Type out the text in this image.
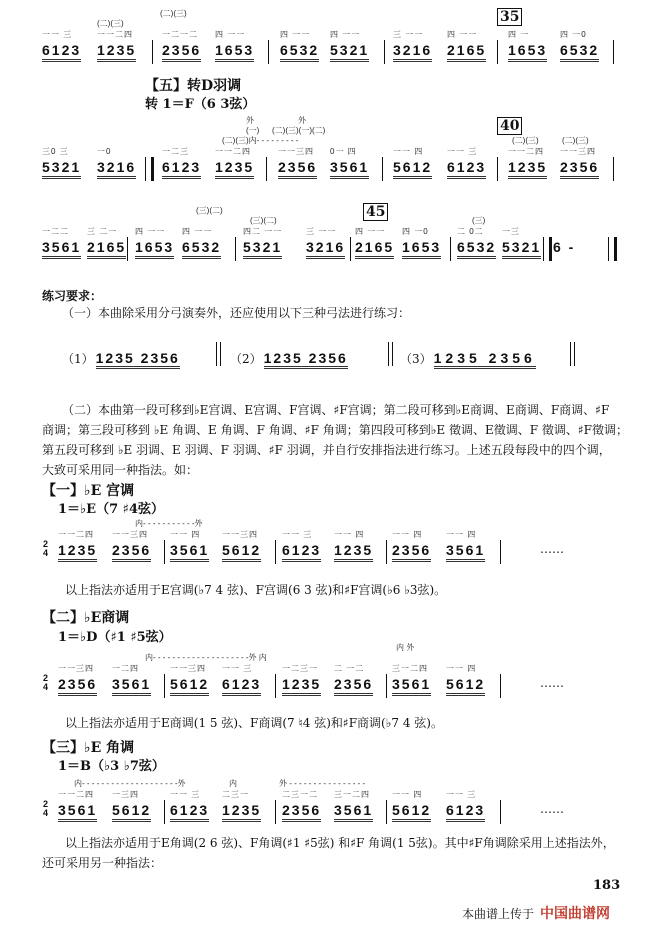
一一 三
6123
一一二四
1235
一二一二
2356
四 一一
1653
四 一一
6532
四 一一
5321
三 一一
3216
四 一一
2165
四 一
1653
四 一0
6532
35
(二)(三)
(二)(三)
三0 三
5321
一0
3216
一二三
6123
一一二四
1235
一一三四
2356
0一 四
3561
一一 四
5612
一一 三
6123
一一二四
1235
一一三四
2356
40
外
(一)
外
(二)(三)(一)(二)
(二)(三)内- - - - - - - - -	(二)(三)	(二)(三)
一二二
3561
三 二一
2165
四 一一
1653
四 一一
6532
四二 一一
5321
三 一一
3216
四 一一
2165
四 一0
1653
二 0二
6532
一三
5321 6 -
45
(三)(二)
(三)(二)	(三)
2
4
一一二四
1235
一一三四
2356
一一 四
3561
一一三四
5612
一一 三
6123
一一 四
1235
一一 四
2356
一一 四
3561
内- - - - - - - - - - -外
……
2
4
一一三四
2356
一二四
3561
一一三四
5612
一一 三
6123
一二三一
1235
二 一二
2356
三一二四
3561
一一 四
5612
内- - - - - - - - - - - - - - - - - - - -外 内
内 外
……
2
4
一一二四
3561
一三四
5612
一一 三
6123
二三一
1235
二三一二
2356
三一二四
3561
一一 四
5612
一一 三
6123
内- - - - - - - - - - - - - - - - - - - -外	内	外 - - - - - - - - - - - - - - - -
……
【五】转D羽调
转 1＝F（6 3弦）
练习要求：
（一）本曲除采用分弓演奏外，还应使用以下三种弓法进行练习：
（1） 1235 2356	（2） 1235 2356	（3） 1235 2356
（二）本曲第一段可移到♭E宫调、E宫调、F宫调、♯F宫调；第二段可移到♭E商调、E商调、F商调、♯F
商调；第三段可移到 ♭E 角调、E 角调、F 角调、♯F 角调；第四段可移到♭E 徵调、E徵调、F 徵调、♯F徵调；
第五段可移到 ♭E 羽调、E 羽调、F 羽调、♯F 羽调，并自行安排指法进行练习。上述五段每段中的四个调，
大致可采用同一种指法。如：
【一】♭E 宫调
1＝♭E（7 ♯4弦）
以上指法亦适用于E宫调(♭7 4 弦)、F宫调(6 3 弦)和♯F宫调(♭6 ♭3弦)。
【二】♭E商调
1＝♭D（♯1 ♯5弦）
以上指法亦适用于E商调(1 5 弦)、F商调(7 ♮4 弦)和♯F商调(♭7 4 弦)。
【三】♭E 角调
1＝B（♭3 ♭7弦）
以上指法亦适用于E角调(2 6 弦)、F角调(♯1 ♯5弦) 和♯F 角调(1 5弦)。其中♯F角调除采用上述指法外，
还可采用另一种指法：
183
本曲谱上传于 中国曲谱网
